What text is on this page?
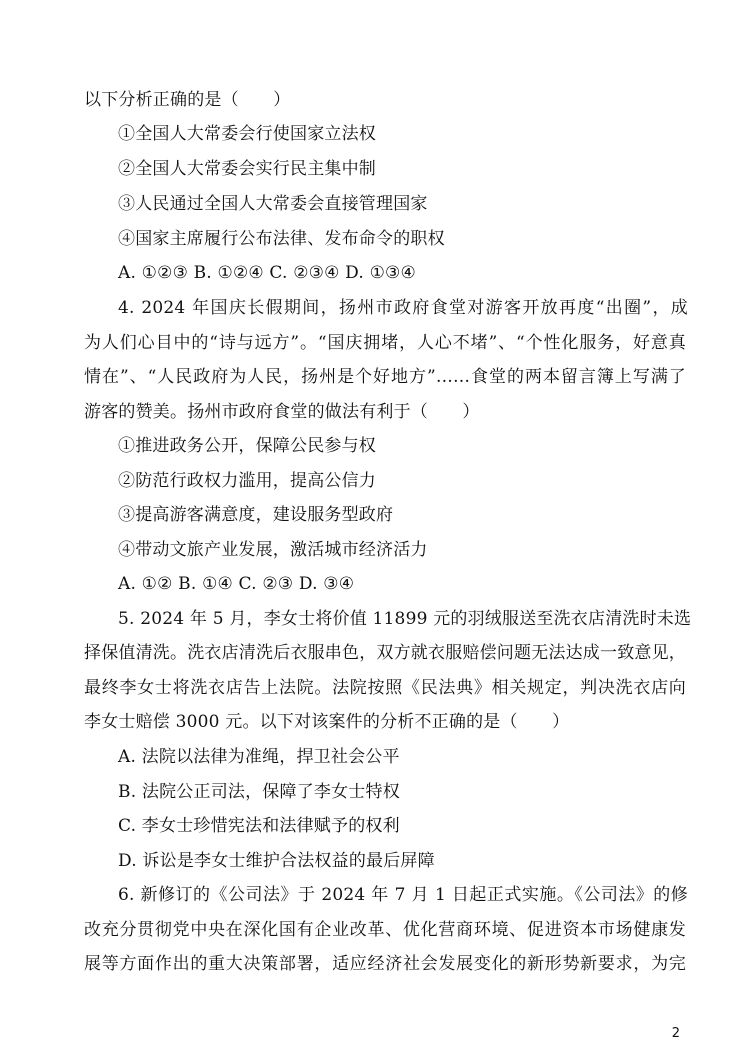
以下分析正确的是（　　）
①全国人大常委会行使国家立法权
②全国人大常委会实行民主集中制
③人民通过全国人大常委会直接管理国家
④国家主席履行公布法律、发布命令的职权
A. ①②③ B. ①②④ C. ②③④ D. ①③④
4. 2024 年国庆长假期间，扬州市政府食堂对游客开放再度“出圈”，成
为人们心目中的“诗与远方”。“国庆拥堵，人心不堵”、“个性化服务，好意真
情在”、“人民政府为人民，扬州是个好地方”……食堂的两本留言簿上写满了
游客的赞美。扬州市政府食堂的做法有利于（　　）
①推进政务公开，保障公民参与权
②防范行政权力滥用，提高公信力
③提高游客满意度，建设服务型政府
④带动文旅产业发展，激活城市经济活力
A. ①② B. ①④ C. ②③ D. ③④
5. 2024 年 5 月，李女士将价值 11899 元的羽绒服送至洗衣店清洗时未选
择保值清洗。洗衣店清洗后衣服串色，双方就衣服赔偿问题无法达成一致意见，
最终李女士将洗衣店告上法院。法院按照《民法典》相关规定，判决洗衣店向
李女士赔偿 3000 元。以下对该案件的分析不正确的是（　　）
A. 法院以法律为准绳，捍卫社会公平
B. 法院公正司法，保障了李女士特权
C. 李女士珍惜宪法和法律赋予的权利
D. 诉讼是李女士维护合法权益的最后屏障
6. 新修订的《公司法》于 2024 年 7 月 1 日起正式实施。《公司法》的修
改充分贯彻党中央在深化国有企业改革、优化营商环境、促进资本市场健康发
展等方面作出的重大决策部署，适应经济社会发展变化的新形势新要求，为完
2
